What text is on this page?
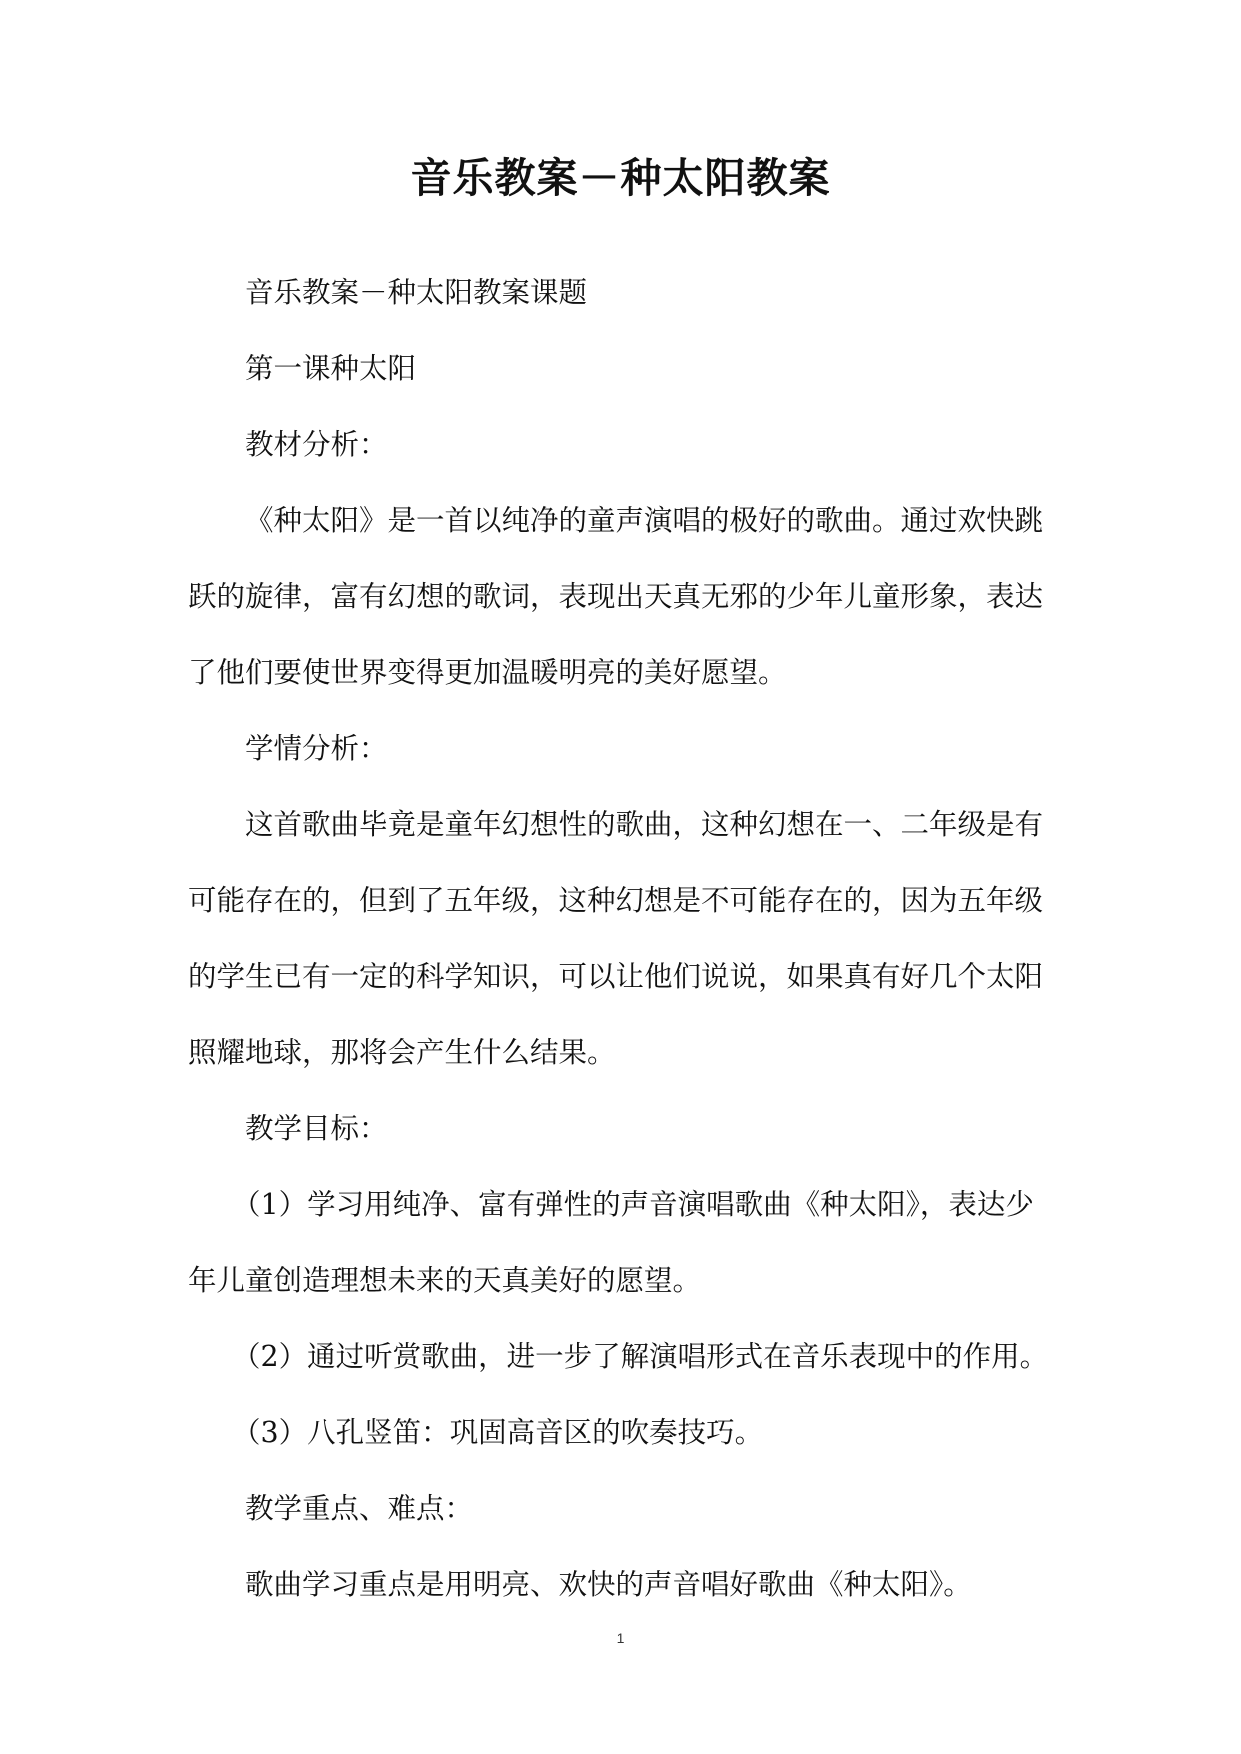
音乐教案－种太阳教案

音乐教案－种太阳教案课题

第一课种太阳

教材分析：

《种太阳》是一首以纯净的童声演唱的极好的歌曲。通过欢快跳跃的旋律，富有幻想的歌词，表现出天真无邪的少年儿童形象，表达了他们要使世界变得更加温暖明亮的美好愿望。

学情分析：

这首歌曲毕竟是童年幻想性的歌曲，这种幻想在一、二年级是有可能存在的，但到了五年级，这种幻想是不可能存在的，因为五年级的学生已有一定的科学知识，可以让他们说说，如果真有好几个太阳照耀地球，那将会产生什么结果。

教学目标：

（1）学习用纯净、富有弹性的声音演唱歌曲《种太阳》，表达少年儿童创造理想未来的天真美好的愿望。

（2）通过听赏歌曲，进一步了解演唱形式在音乐表现中的作用。

（3）八孔竖笛：巩固高音区的吹奏技巧。

教学重点、难点：

歌曲学习重点是用明亮、欢快的声音唱好歌曲《种太阳》。

1
